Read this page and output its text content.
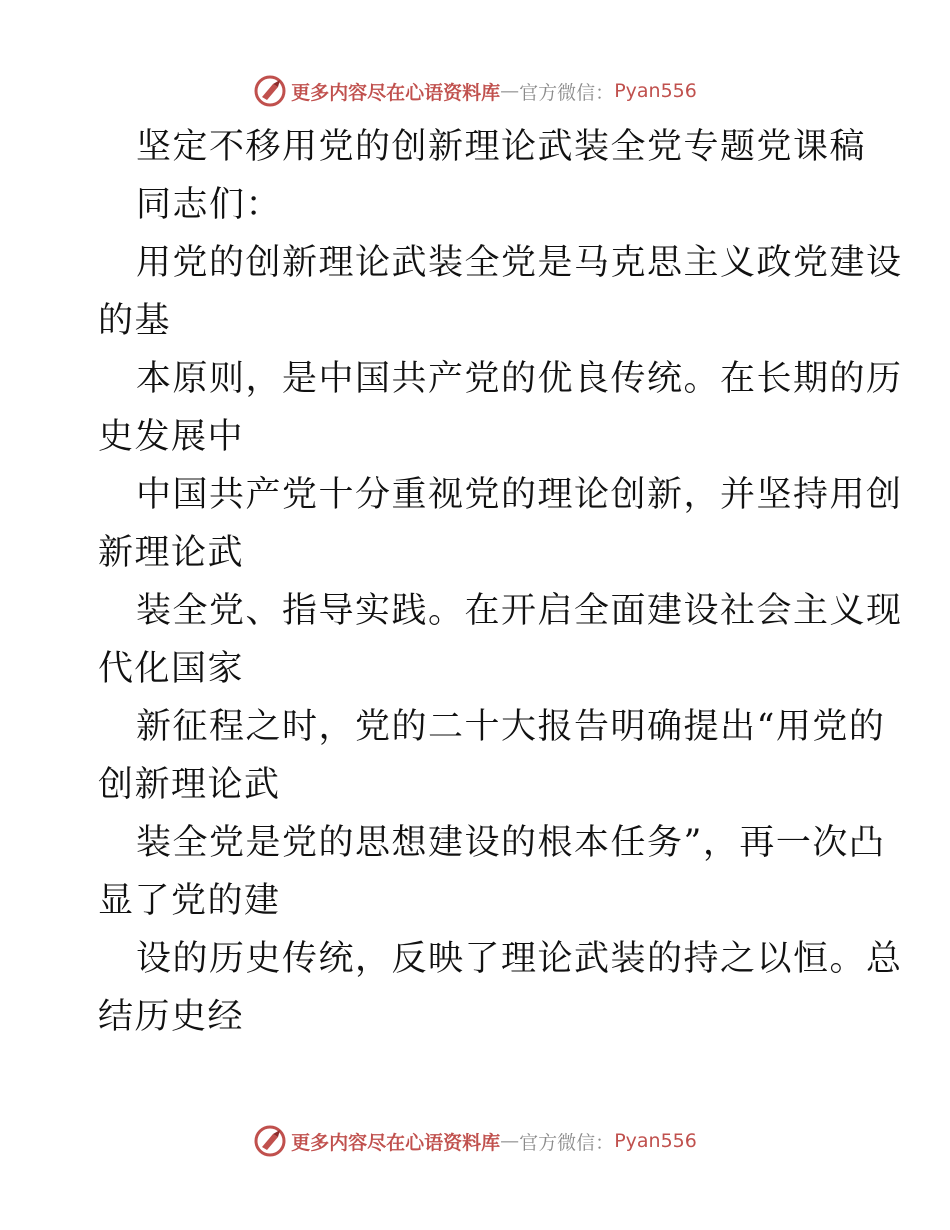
更多内容尽在心语资料库 — 官方微信： Pyan556
坚定不移用党的创新理论武装全党专题党课稿
同志们：
用党的创新理论武装全党是马克思主义政党建设
的基
本原则，是中国共产党的优良传统。在长期的历
史发展中
中国共产党十分重视党的理论创新，并坚持用创
新理论武
装全党、指导实践。在开启全面建设社会主义现
代化国家
新征程之时，党的二十大报告明确提出“用党的
创新理论武
装全党是党的思想建设的根本任务”，再一次凸
显了党的建
设的历史传统，反映了理论武装的持之以恒。总
结历史经
更多内容尽在心语资料库 — 官方微信： Pyan556
